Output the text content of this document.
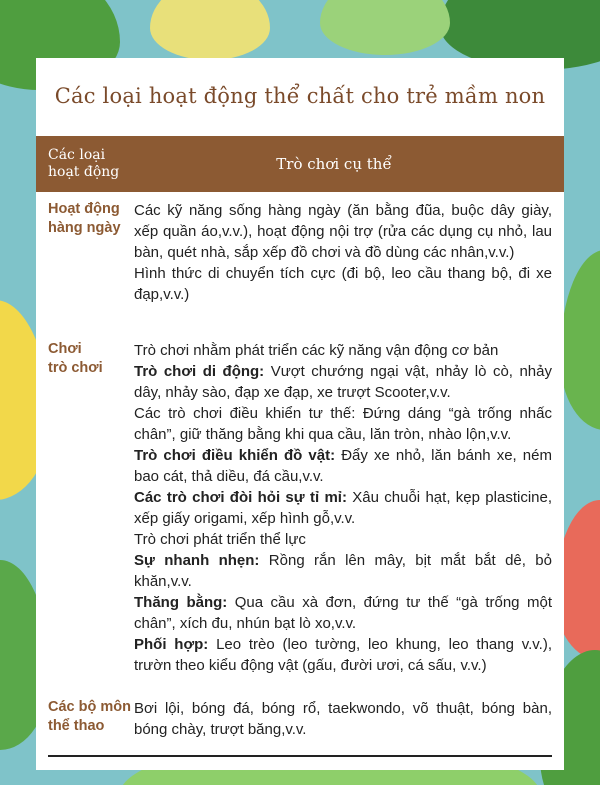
Các loại hoạt động thể chất cho trẻ mầm non
Các loại
hoạt động	Trò chơi cụ thể
Hoạt động
hàng ngày

Các kỹ năng sống hàng ngày (ăn bằng đũa, buộc dây giày, xếp quần áo,v.v.), hoạt động nội trợ (rửa các dụng cụ nhỏ, lau bàn, quét nhà, sắp xếp đồ chơi và đồ dùng các nhân,v.v.)

Hình thức di chuyển tích cực (đi bộ, leo cầu thang bộ, đi xe đạp,v.v.)

Chơi
trò chơi

Trò chơi nhằm phát triển các kỹ năng vận động cơ bản

Trò chơi di động: Vượt chướng ngại vật, nhảy lò cò, nhảy dây, nhảy sào, đạp xe đạp, xe trượt Scooter,v.v.

Các trò chơi điều khiển tư thế: Đứng dáng “gà trống nhấc chân”, giữ thăng bằng khi qua cầu, lăn tròn, nhào lộn,v.v.

Trò chơi điều khiển đồ vật: Đẩy xe nhỏ, lăn bánh xe, ném bao cát, thả diều, đá cầu,v.v.

Các trò chơi đòi hỏi sự tỉ mỉ: Xâu chuỗi hạt, kẹp plasticine, xếp giấy origami, xếp hình gỗ,v.v.

Trò chơi phát triển thể lực

Sự nhanh nhẹn: Rồng rắn lên mây, bịt mắt bắt dê, bỏ khăn,v.v.

Thăng bằng: Qua cầu xà đơn, đứng tư thế “gà trống một chân”, xích đu, nhún bạt lò xo,v.v.

Phối hợp: Leo trèo (leo tường, leo khung, leo thang v.v.), trườn theo kiểu động vật (gấu, đười ươi, cá sấu, v.v.)

Các bộ môn
thể thao

Bơi lội, bóng đá, bóng rổ, taekwondo, võ thuật, bóng bàn, bóng chày, trượt băng,v.v.
